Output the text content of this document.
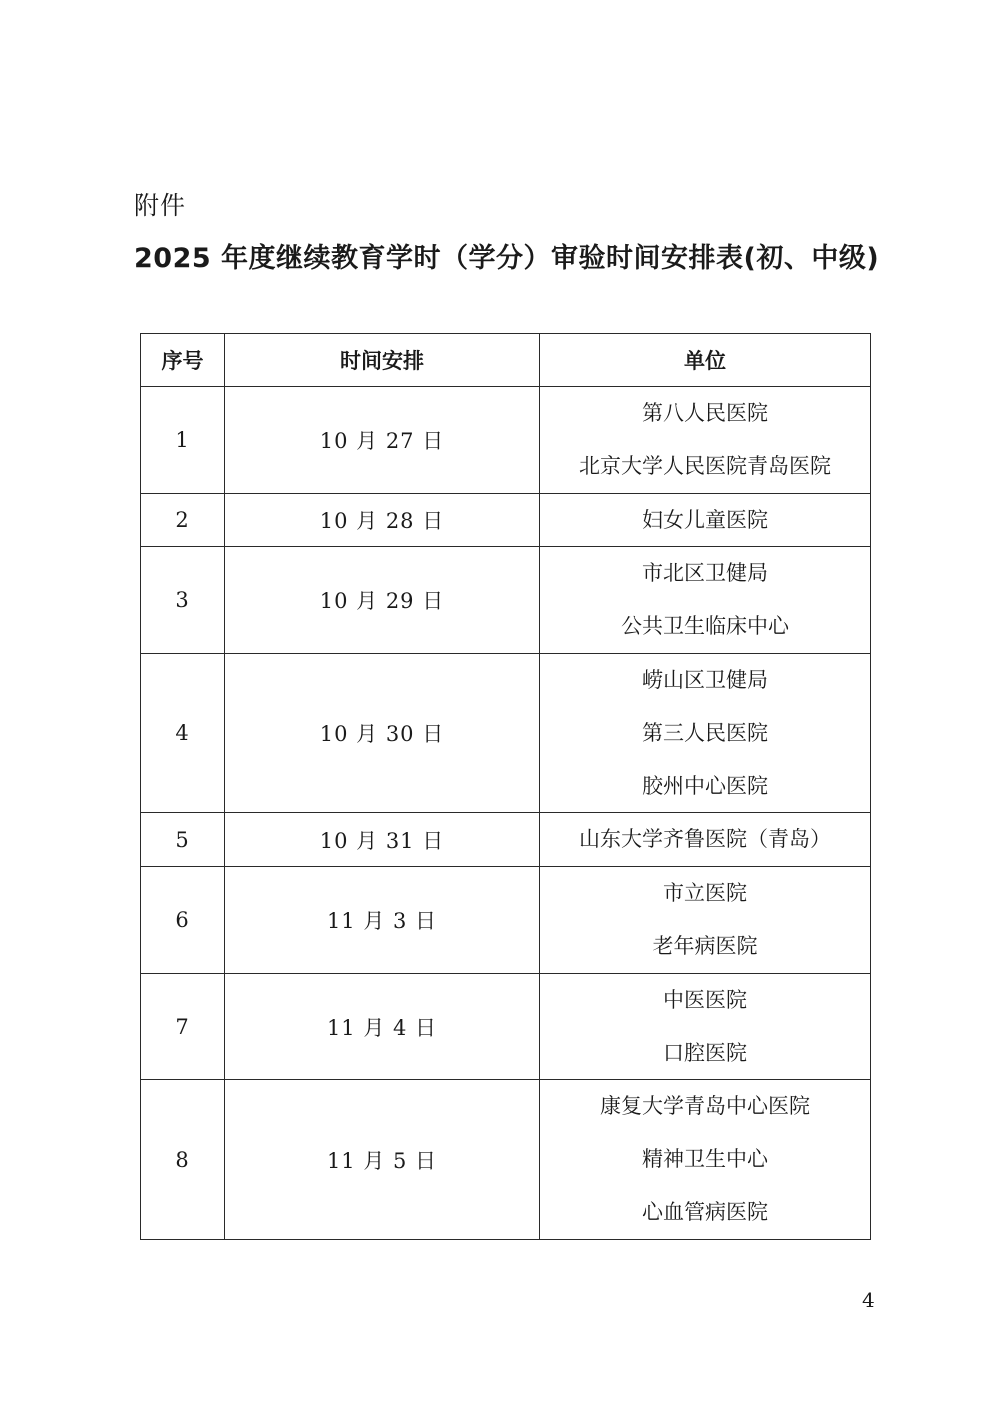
附件
2025 年度继续教育学时（学分）审验时间安排表(初、中级)
序号	时间安排	单位
1	10 月 27 日	第八人民医院
北京大学人民医院青岛医院

2	10 月 28 日	妇女儿童医院

3	10 月 29 日	市北区卫健局
公共卫生临床中心

4	10 月 30 日	崂山区卫健局
第三人民医院
胶州中心医院

5	10 月 31 日	山东大学齐鲁医院（青岛）

6	11 月 3 日	市立医院
老年病医院

7	11 月 4 日	中医医院
口腔医院

8	11 月 5 日	康复大学青岛中心医院
精神卫生中心
心血管病医院
4
